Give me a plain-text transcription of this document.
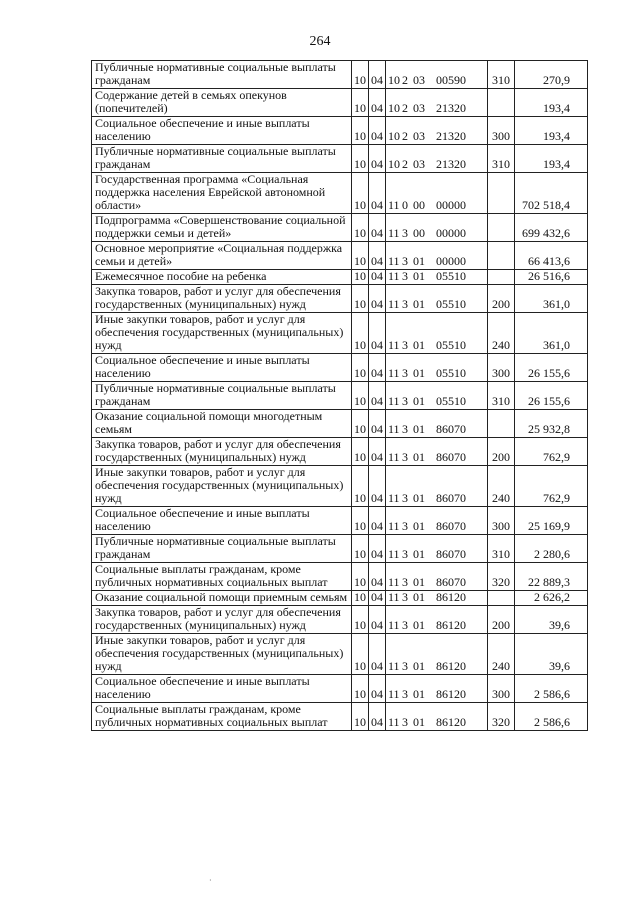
264
Публичные нормативные социальные выплаты гражданам	10	04	10 2 03 00590	310	270,9
Содержание детей в семьях опекунов (попечителей)	10	04	10 2 03 21320		193,4
Социальное обеспечение и иные выплаты населению	10	04	10 2 03 21320	300	193,4
Публичные нормативные социальные выплаты гражданам	10	04	10 2 03 21320	310	193,4
Государственная программа «Социальная поддержка населения Еврейской автономной области»	10	04	11 0 00 00000		702 518,4
Подпрограмма «Совершенствование социальной поддержки семьи и детей»	10	04	11 3 00 00000		699 432,6
Основное мероприятие «Социальная поддержка семьи и детей»	10	04	11 3 01 00000		66 413,6
Ежемесячное пособие на ребенка	10	04	11 3 01 05510		26 516,6
Закупка товаров, работ и услуг для обеспечения государственных (муниципальных) нужд	10	04	11 3 01 05510	200	361,0
Иные закупки товаров, работ и услуг для обеспечения государственных (муниципальных) нужд	10	04	11 3 01 05510	240	361,0
Социальное обеспечение и иные выплаты населению	10	04	11 3 01 05510	300	26 155,6
Публичные нормативные социальные выплаты гражданам	10	04	11 3 01 05510	310	26 155,6
Оказание социальной помощи многодетным семьям	10	04	11 3 01 86070		25 932,8
Закупка товаров, работ и услуг для обеспечения государственных (муниципальных) нужд	10	04	11 3 01 86070	200	762,9
Иные закупки товаров, работ и услуг для обеспечения государственных (муниципальных) нужд	10	04	11 3 01 86070	240	762,9
Социальное обеспечение и иные выплаты населению	10	04	11 3 01 86070	300	25 169,9
Публичные нормативные социальные выплаты гражданам	10	04	11 3 01 86070	310	2 280,6
Социальные выплаты гражданам, кроме публичных нормативных социальных выплат	10	04	11 3 01 86070	320	22 889,3
Оказание социальной помощи приемным семьям	10	04	11 3 01 86120		2 626,2
Закупка товаров, работ и услуг для обеспечения государственных (муниципальных) нужд	10	04	11 3 01 86120	200	39,6
Иные закупки товаров, работ и услуг для обеспечения государственных (муниципальных) нужд	10	04	11 3 01 86120	240	39,6
Социальное обеспечение и иные выплаты населению	10	04	11 3 01 86120	300	2 586,6
Социальные выплаты гражданам, кроме публичных нормативных социальных выплат	10	04	11 3 01 86120	320	2 586,6
·
